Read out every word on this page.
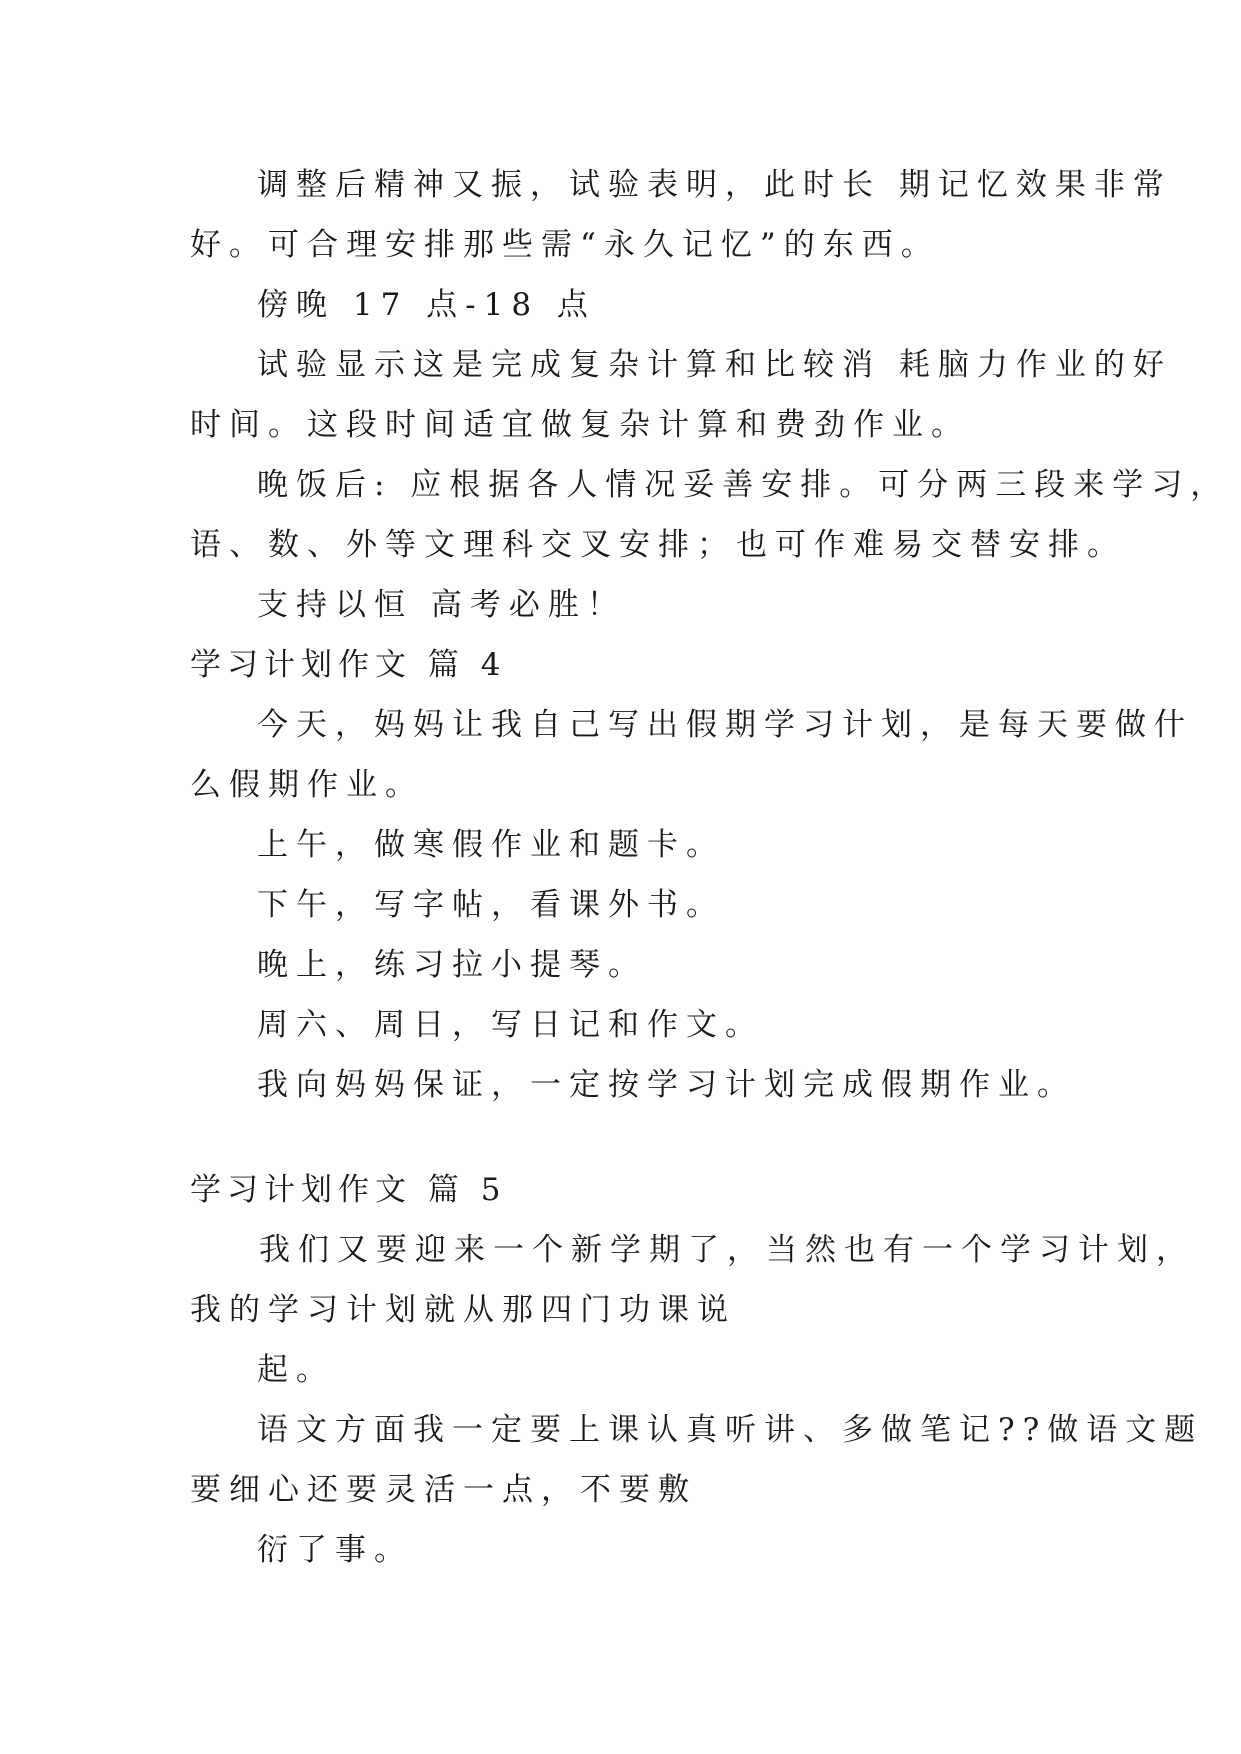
调整后精神又振，试验表明，此时长 期记忆效果非常
好。可合理安排那些需“永久记忆”的东西。
傍晚 17 点-18 点
试验显示这是完成复杂计算和比较消 耗脑力作业的好
时间。这段时间适宜做复杂计算和费劲作业。
晚饭后: 应根据各人情况妥善安排。可分两三段来学习，
语、数、外等文理科交叉安排；也可作难易交替安排。
支持以恒 高考必胜！
学习计划作文 篇 4
今天，妈妈让我自己写出假期学习计划，是每天要做什
么假期作业。
上午，做寒假作业和题卡。
下午，写字帖，看课外书。
晚上，练习拉小提琴。
周六、周日，写日记和作文。
我向妈妈保证，一定按学习计划完成假期作业。
学习计划作文 篇 5
我们又要迎来一个新学期了，当然也有一个学习计划，
我的学习计划就从那四门功课说
起。
语文方面我一定要上课认真听讲、多做笔记??做语文题
要细心还要灵活一点，不要敷
衍了事。
